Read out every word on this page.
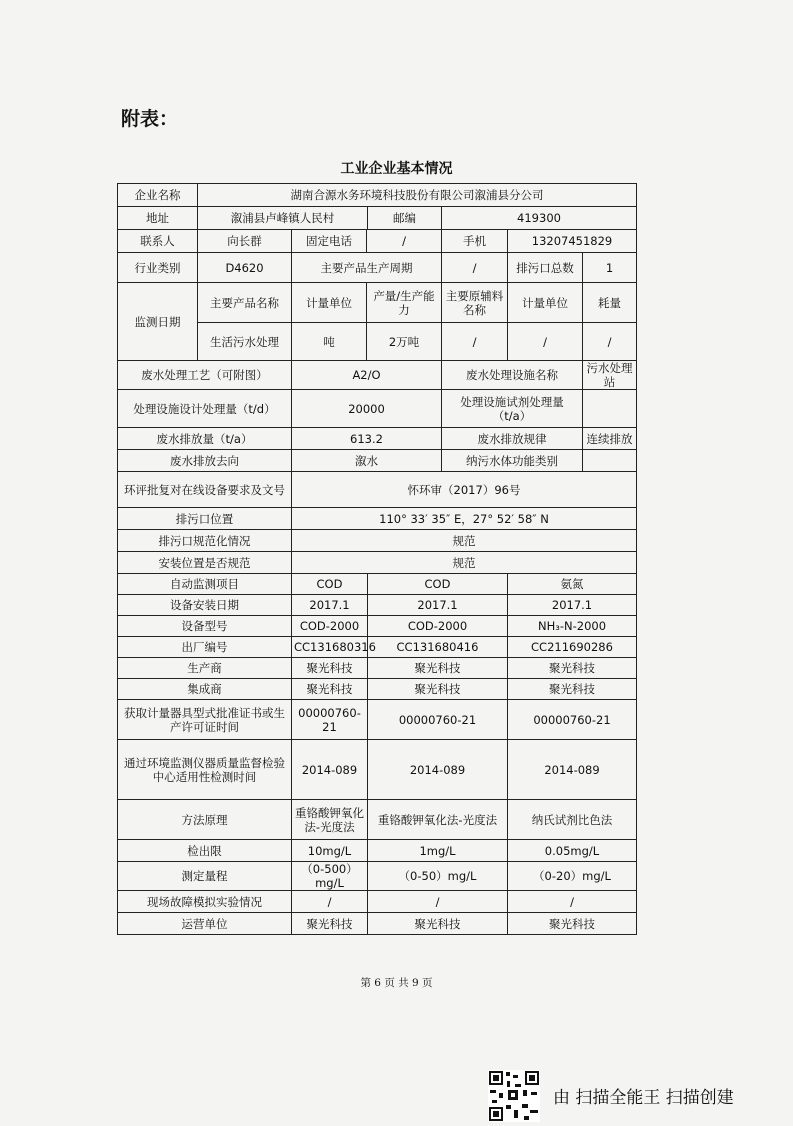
附表：
工业企业基本情况
企业名称	湖南合源水务环境科技股份有限公司溆浦县分公司					
地址	溆浦县卢峰镇人民村		邮编	419300		
联系人	向长群	固定电话	/	手机	13207451829	
行业类别	D4620	主要产品生产周期		/	排污口总数	1
监测日期	主要产品名称	计量单位	产量/生产能力	主要原辅料名称	计量单位	耗量
	生活污水处理	吨	2万吨	/	/	/
废水处理工艺（可附图）		A2/O		废水处理设施名称		污水处理站
处理设施设计处理量（t/d）		20000		处理设施试剂处理量（t/a）		
废水排放量（t/a）		613.2		废水排放规律		连续排放
废水排放去向		溆水		纳污水体功能类别		
环评批复对在线设备要求及文号		怀环审（2017）96号				
排污口位置		110° 33′ 35″ E，27° 52′ 58″ N				
排污口规范化情况		规范				
安装位置是否规范		规范				
自动监测项目		COD	COD		氨氮	
设备安装日期		2017.1	2017.1		2017.1	
设备型号		COD-2000	COD-2000		NH₃-N-2000	
出厂编号		CC131680316	CC131680416		CC211690286	
生产商		聚光科技	聚光科技		聚光科技	
集成商		聚光科技	聚光科技		聚光科技	
获取计量器具型式批准证书或生产许可证时间		00000760-21	00000760-21		00000760-21	
通过环境监测仪器质量监督检验中心适用性检测时间		2014-089	2014-089		2014-089	
方法原理		重铬酸钾氧化法-光度法	重铬酸钾氧化法-光度法		纳氏试剂比色法	
检出限		10mg/L	1mg/L		0.05mg/L	
测定量程		（0-500）mg/L	（0-50）mg/L		（0-20）mg/L	
现场故障模拟实验情况		/	/		/	
运营单位		聚光科技	聚光科技		聚光科技	

第 6 页 共 9 页

由 扫描全能王 扫描创建
